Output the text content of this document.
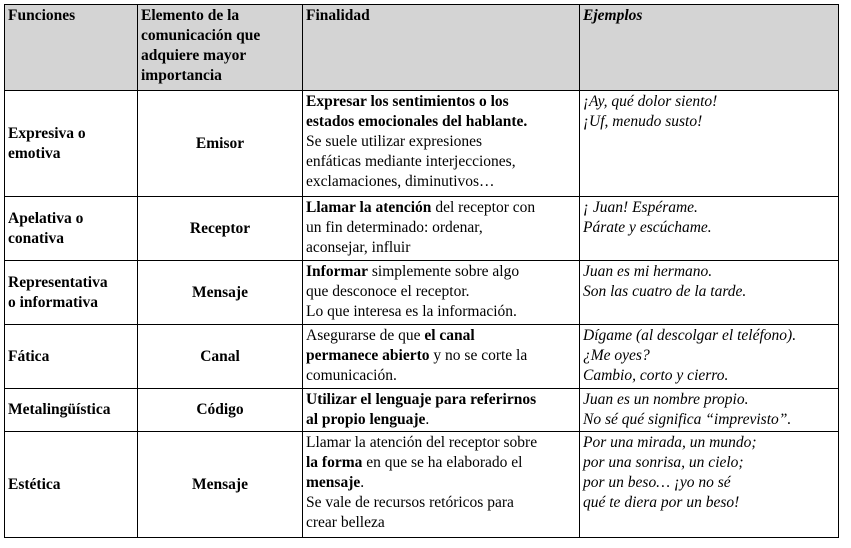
Funciones	Elemento de la
comunicación que
adquiere mayor
importancia	Finalidad	Ejemplos

Expresiva o
emotiva	Emisor	Expresar los sentimientos o los
estados emocionales del hablante.
Se suele utilizar expresiones
enfáticas mediante interjecciones,
exclamaciones, diminutivos…	¡Ay, qué dolor siento!
¡Uf, menudo susto!

Apelativa o
conativa	Receptor	Llamar la atención del receptor con
un fin determinado: ordenar,
aconsejar, influir	¡ Juan! Espérame.
Párate y escúchame.

Representativa
o informativa	Mensaje	Informar simplemente sobre algo
que desconoce el receptor.
Lo que interesa es la información.	Juan es mi hermano.
Son las cuatro de la tarde.

Fática	Canal	Asegurarse de que el canal
permanece abierto y no se corte la
comunicación.	Dígame (al descolgar el teléfono).
¿Me oyes?
Cambio, corto y cierro.

Metalingüística	Código	Utilizar el lenguaje para referirnos
al propio lenguaje.	Juan es un nombre propio.
No sé qué significa “imprevisto”.

Estética	Mensaje	Llamar la atención del receptor sobre
la forma en que se ha elaborado el
mensaje.
Se vale de recursos retóricos para
crear belleza	Por una mirada, un mundo;
por una sonrisa, un cielo;
por un beso… ¡yo no sé
qué te diera por un beso!
